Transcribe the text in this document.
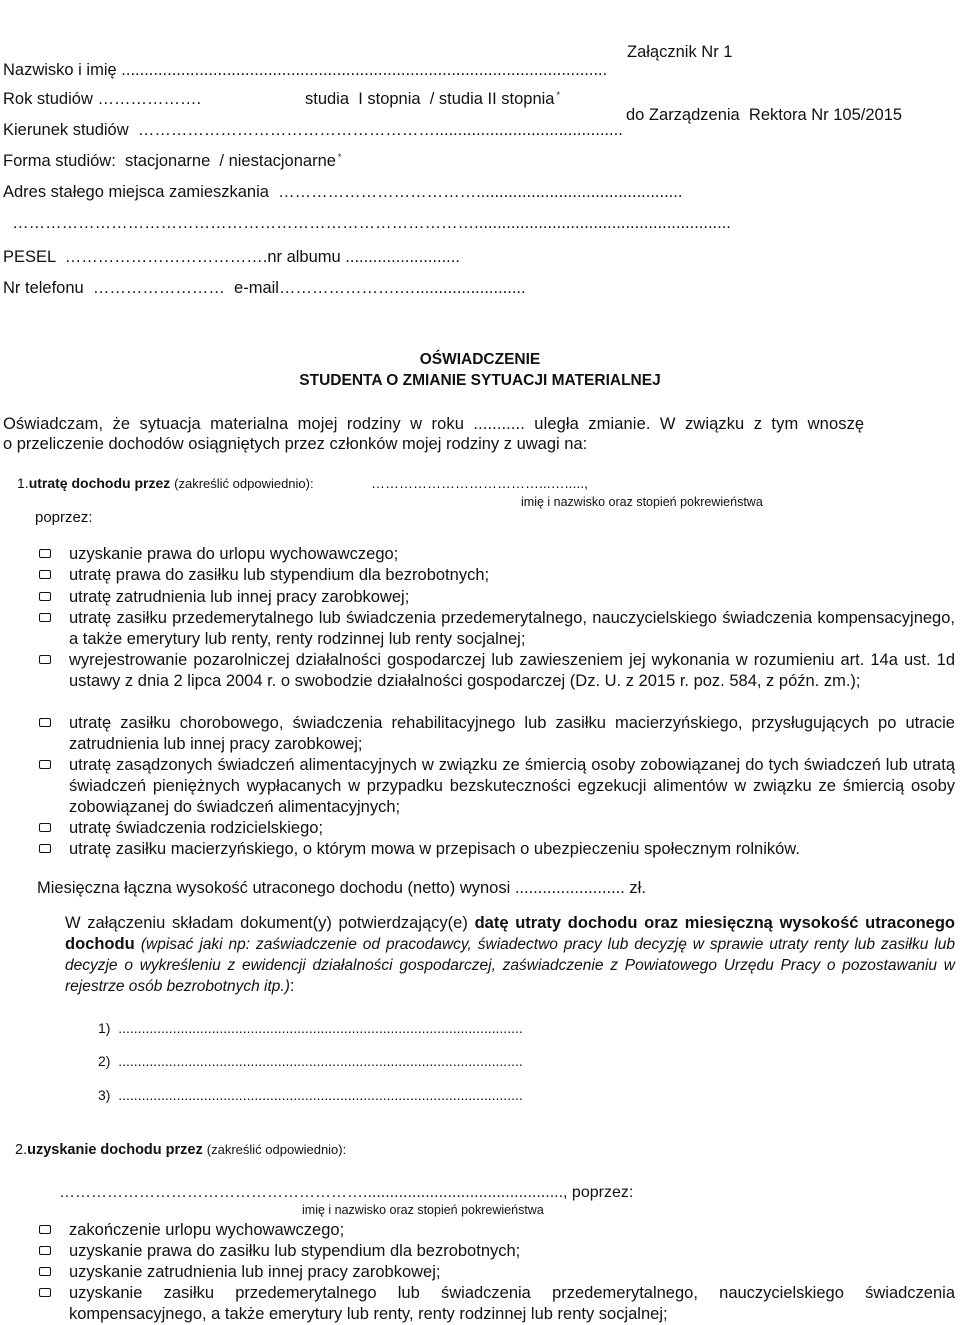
Załącznik Nr 1

do Zarządzenia  Rektora Nr 105/2015

Nazwisko i imię ..........................................................................................................
Rok studiów ……………….	studia  I stopnia  / studia II stopnia *
Kierunek studiów  ……………………………………………….........................................
Forma studiów:  stacjonarne  / niestacjonarne *
Adres stałego miejsca zamieszkania  ……………………………….............................................
…………………………………………………………………………........................................................
PESEL  ……………………………….nr albumu .........................
Nr telefonu  ……………………  e-mail………………….…........................
OŚWIADCZENIE
STUDENTA O ZMIANIE SYTUACJI MATERIALNEJ
Oświadczam,  że  sytuacja  materialna  mojej  rodziny  w  roku  ...........  uległa  zmianie.  W  związku  z  tym  wnoszę
o przeliczenie dochodów osiągniętych przez członków mojej rodziny z uwagi na:
1.utratę dochodu przez (zakreślić odpowiednio):	………………………………...….....,
imię i nazwisko oraz stopień pokrewieństwa
poprzez:
uzyskanie prawa do urlopu wychowawczego;
utratę prawa do zasiłku lub stypendium dla bezrobotnych;
utratę zatrudnienia lub innej pracy zarobkowej;
utratę zasiłku przedemerytalnego lub świadczenia przedemerytalnego, nauczycielskiego świadczenia kompensacyjnego, a także emerytury lub renty, renty rodzinnej lub renty socjalnej;
wyrejestrowanie pozarolniczej działalności gospodarczej lub zawieszeniem jej wykonania w rozumieniu art. 14a ust. 1d ustawy z dnia 2 lipca 2004 r. o swobodzie działalności gospodarczej (Dz. U. z 2015 r. poz. 584, z późn. zm.);
utratę zasiłku chorobowego, świadczenia rehabilitacyjnego lub zasiłku macierzyńskiego, przysługujących po utracie zatrudnienia lub innej pracy zarobkowej;
utratę zasądzonych świadczeń alimentacyjnych w związku ze śmiercią osoby zobowiązanej do tych świadczeń lub utratą świadczeń pieniężnych wypłacanych w przypadku bezskuteczności egzekucji alimentów w związku ze śmiercią osoby zobowiązanej do świadczeń alimentacyjnych;
utratę świadczenia rodzicielskiego;
utratę zasiłku macierzyńskiego, o którym mowa w przepisach o ubezpieczeniu społecznym rolników.
Miesięczna łączna wysokość utraconego dochodu (netto) wynosi ........................ zł.
W załączeniu składam dokument(y) potwierdzający(e) datę utraty dochodu oraz miesięczną wysokość utraconego dochodu (wpisać jaki np: zaświadczenie od pracodawcy, świadectwo pracy lub decyzję w sprawie utraty renty lub zasiłku lub decyzje o wykreśleniu z ewidencji działalności gospodarczej, zaświadczenie z Powiatowego Urzędu Pracy o pozostawaniu w rejestrze osób bezrobotnych itp.):
1)  ........................................................................................................
2)  ........................................................................................................
3)  ........................................................................................................
2.uzyskanie dochodu przez (zakreślić odpowiednio):
…………………………………………………............................................., poprzez:
imię i nazwisko oraz stopień pokrewieństwa
zakończenie urlopu wychowawczego;
uzyskanie prawa do zasiłku lub stypendium dla bezrobotnych;
uzyskanie zatrudnienia lub innej pracy zarobkowej;
uzyskanie zasiłku przedemerytalnego lub świadczenia przedemerytalnego, nauczycielskiego świadczenia kompensacyjnego, a także emerytury lub renty, renty rodzinnej lub renty socjalnej;
